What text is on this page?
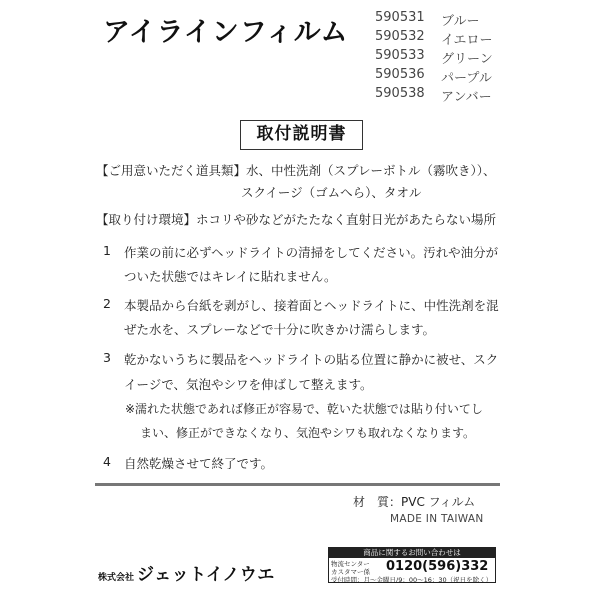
アイラインフィルム 590531	ブルー
590532	イエロー
590533	グリーン
590536	パープル
590538	アンバー
取付説明書
【ご用意いただく道具類】水、中性洗剤（スプレーボトル（霧吹き））、
スクイージ（ゴムへら）、タオル
【取り付け環境】ホコリや砂などがたたなく直射日光があたらない場所
1 作業の前に必ずヘッドライトの清掃をしてください。汚れや油分が
ついた状態ではキレイに貼れません。
2 本製品から台紙を剥がし、接着面とヘッドライトに、中性洗剤を混
ぜた水を、スプレーなどで十分に吹きかけ濡らします。
3 乾かないうちに製品をヘッドライトの貼る位置に静かに被せ、スク
イージで、気泡やシワを伸ばして整えます。
※濡れた状態であれば修正が容易で、乾いた状態では貼り付いてし
まい、修正ができなくなり、気泡やシワも取れなくなります。
4 自然乾燥させて終了です。
材　質：PVC フィルム
MADE IN TAIWAN
株式会社 ジェットイノウエ
商品に関するお問い合わせは
物流センター
カスタマー係 0120(596)332
受付時間：月〜金曜日/9：00〜16：30（祝日を除く）
